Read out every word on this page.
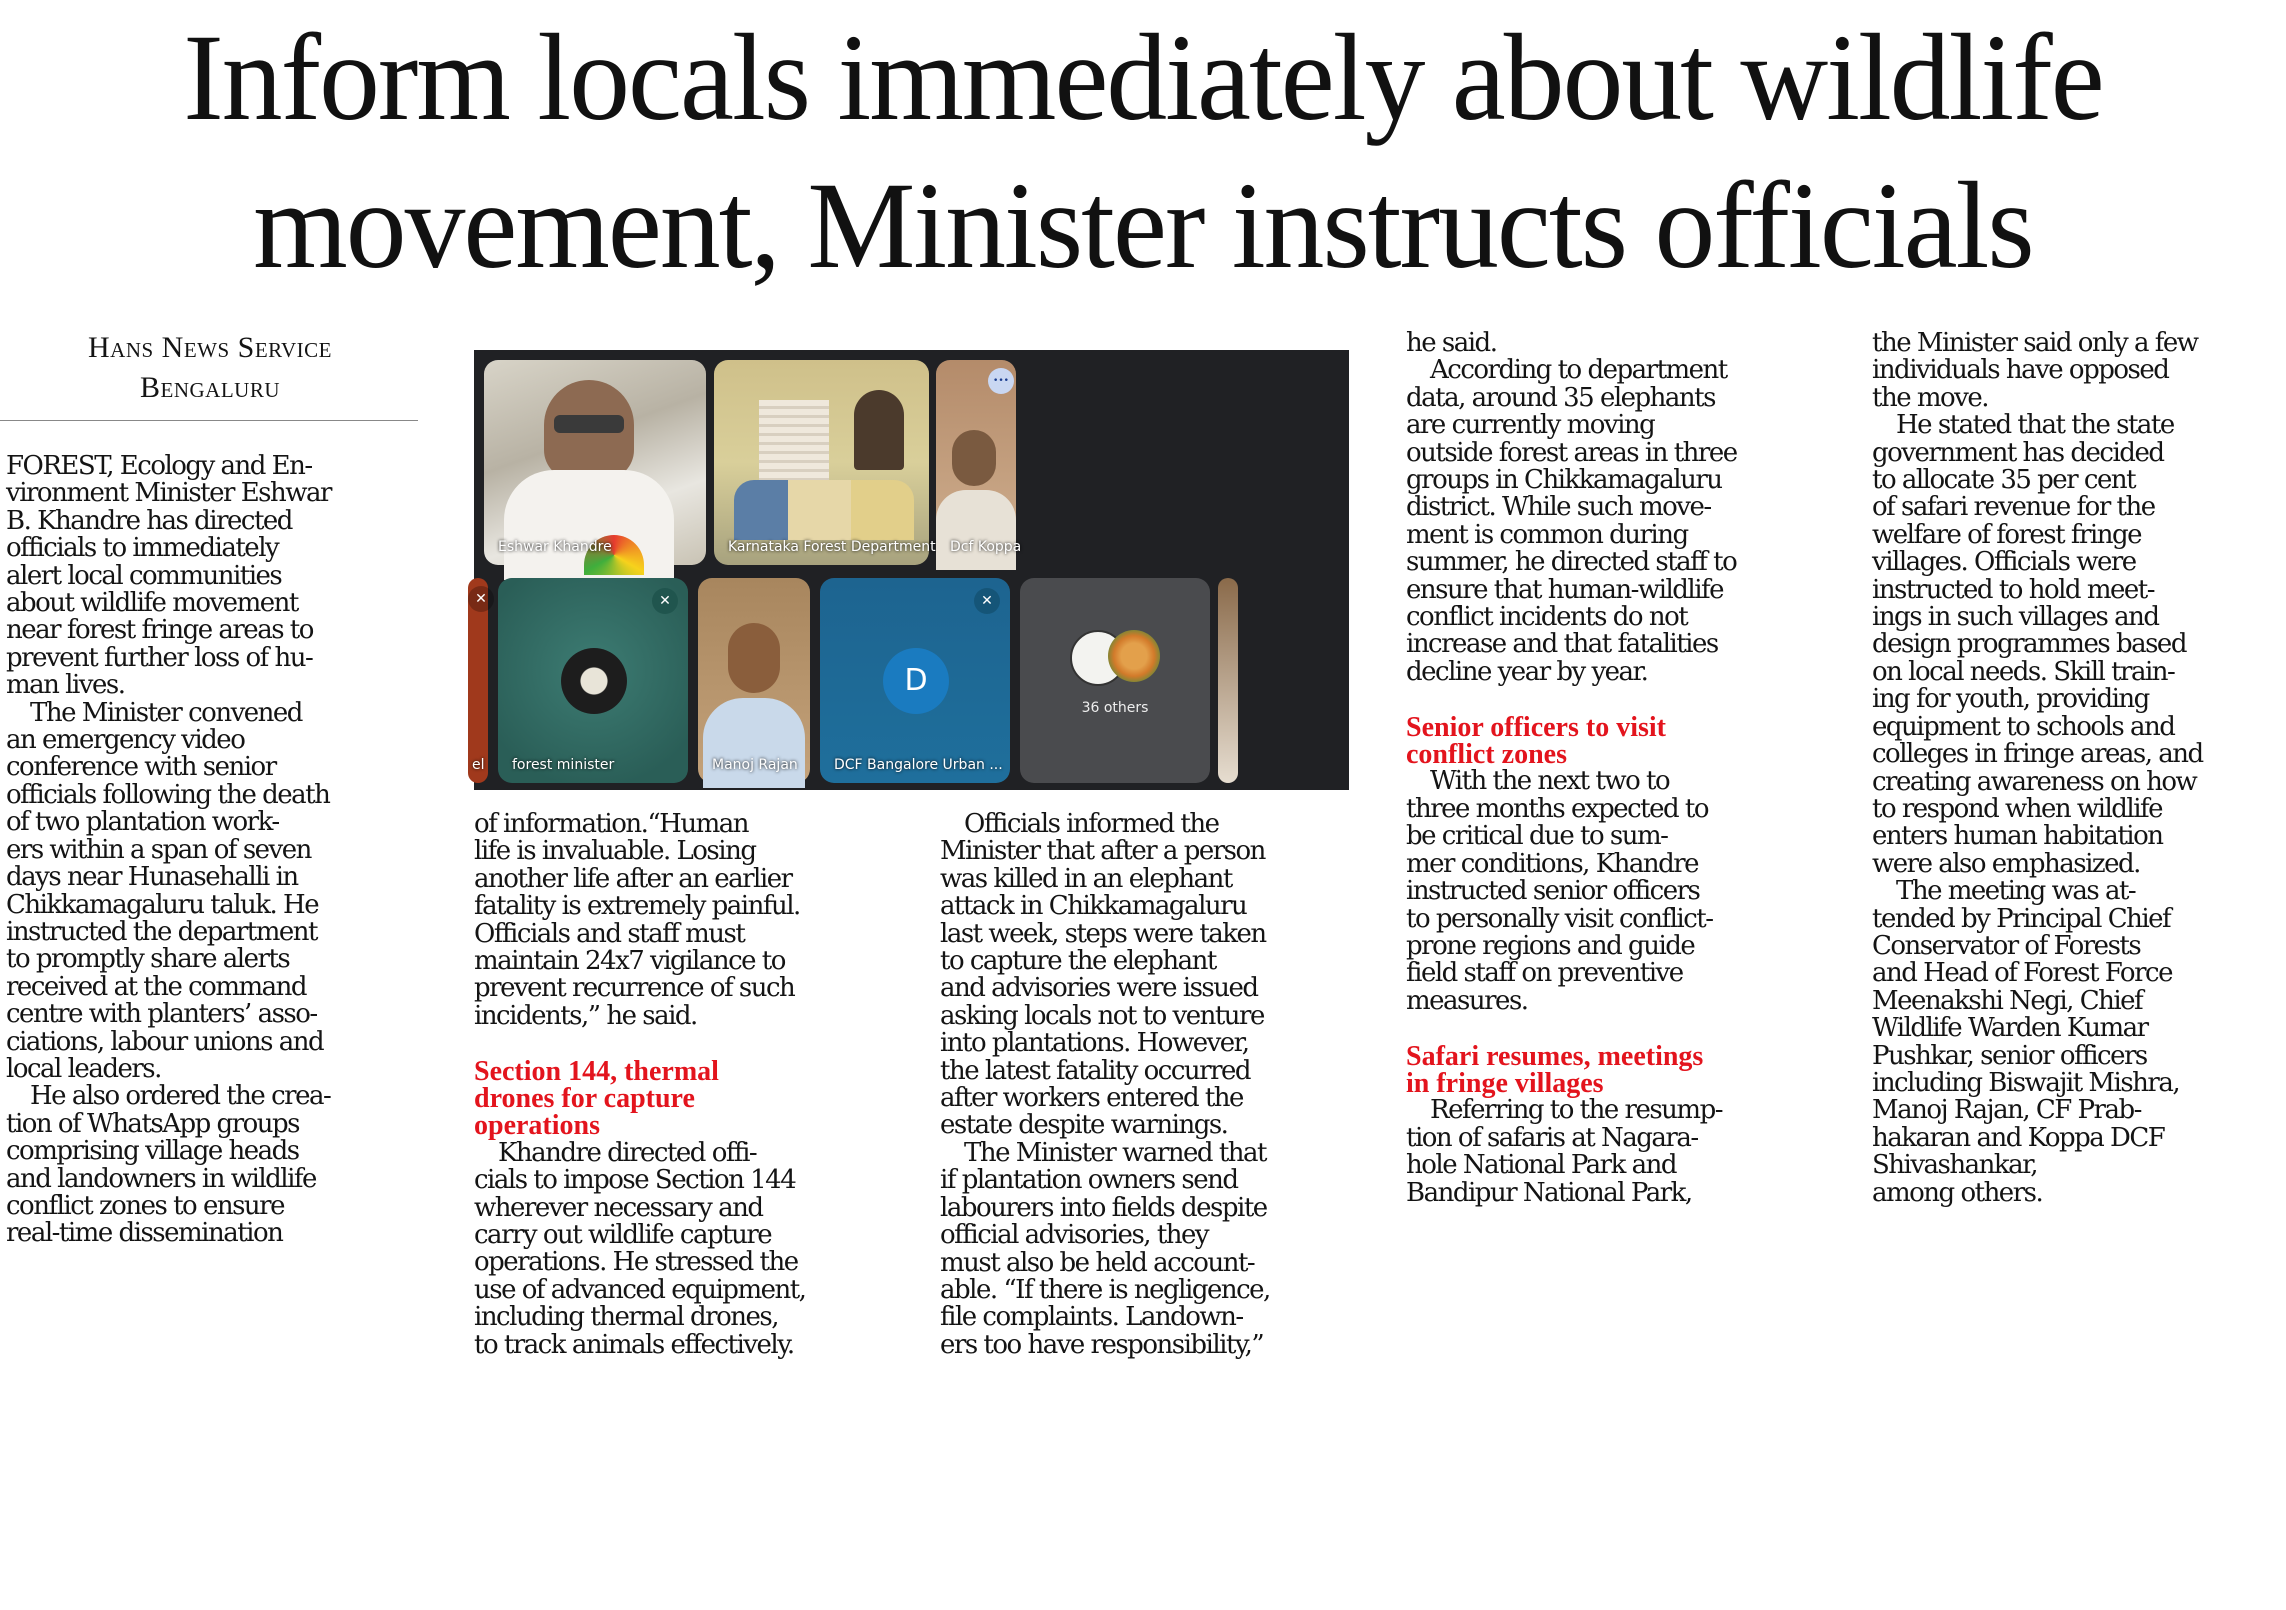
Inform locals immediately about wildlife
movement, Minister instructs officials
Hans News Service
Bengaluru

FOREST, Ecology and En-

vironment Minister Eshwar

B. Khandre has directed

officials to immediately

alert local communities

about wildlife movement

near forest fringe areas to

prevent further loss of hu-

man lives.

The Minister convened

an emergency video

conference with senior

officials following the death

of two plantation work-

ers within a span of seven

days near Hunasehalli in

Chikkamagaluru taluk. He

instructed the department

to promptly share alerts

received at the command

centre with planters’ asso-

ciations, labour unions and

local leaders.

He also ordered the crea-

tion of WhatsApp groups

comprising village heads

and landowners in wildlife

conflict zones to ensure

real-time dissemination

Eshwar Khandre	Karnataka Forest Department
•••
Dcf Koppa
✕
el
✕
forest minister	Manoj Rajan
✕
D
DCF Bangalore Urban ...
36 others

of information.“Human

life is invaluable. Losing

another life after an earlier

fatality is extremely painful.

Officials and staff must

maintain 24x7 vigilance to

prevent recurrence of such

incidents,” he said.

Section 144, thermal
drones for capture
operations

Khandre directed offi-

cials to impose Section 144

wherever necessary and

carry out wildlife capture

operations. He stressed the

use of advanced equipment,

including thermal drones,

to track animals effectively.

Officials informed the

Minister that after a person

was killed in an elephant

attack in Chikkamagaluru

last week, steps were taken

to capture the elephant

and advisories were issued

asking locals not to venture

into plantations. However,

the latest fatality occurred

after workers entered the

estate despite warnings.

The Minister warned that

if plantation owners send

labourers into fields despite

official advisories, they

must also be held account-

able. “If there is negligence,

file complaints. Landown-

ers too have responsibility,”

he said.

According to department

data, around 35 elephants

are currently moving

outside forest areas in three

groups in Chikkamagaluru

district. While such move-

ment is common during

summer, he directed staff to

ensure that human-wildlife

conflict incidents do not

increase and that fatalities

decline year by year.

Senior officers to visit
conflict zones

With the next two to

three months expected to

be critical due to sum-

mer conditions, Khandre

instructed senior officers

to personally visit conflict-

prone regions and guide

field staff on preventive

measures.

Safari resumes, meetings
in fringe villages

Referring to the resump-

tion of safaris at Nagara-

hole National Park and

Bandipur National Park,

the Minister said only a few

individuals have opposed

the move.

He stated that the state

government has decided

to allocate 35 per cent

of safari revenue for the

welfare of forest fringe

villages. Officials were

instructed to hold meet-

ings in such villages and

design programmes based

on local needs. Skill train-

ing for youth, providing

equipment to schools and

colleges in fringe areas, and

creating awareness on how

to respond when wildlife

enters human habitation

were also emphasized.

The meeting was at-

tended by Principal Chief

Conservator of Forests

and Head of Forest Force

Meenakshi Negi, Chief

Wildlife Warden Kumar

Pushkar, senior officers

including Biswajit Mishra,

Manoj Rajan, CF Prab-

hakaran and Koppa DCF

Shivashankar,

among others.
